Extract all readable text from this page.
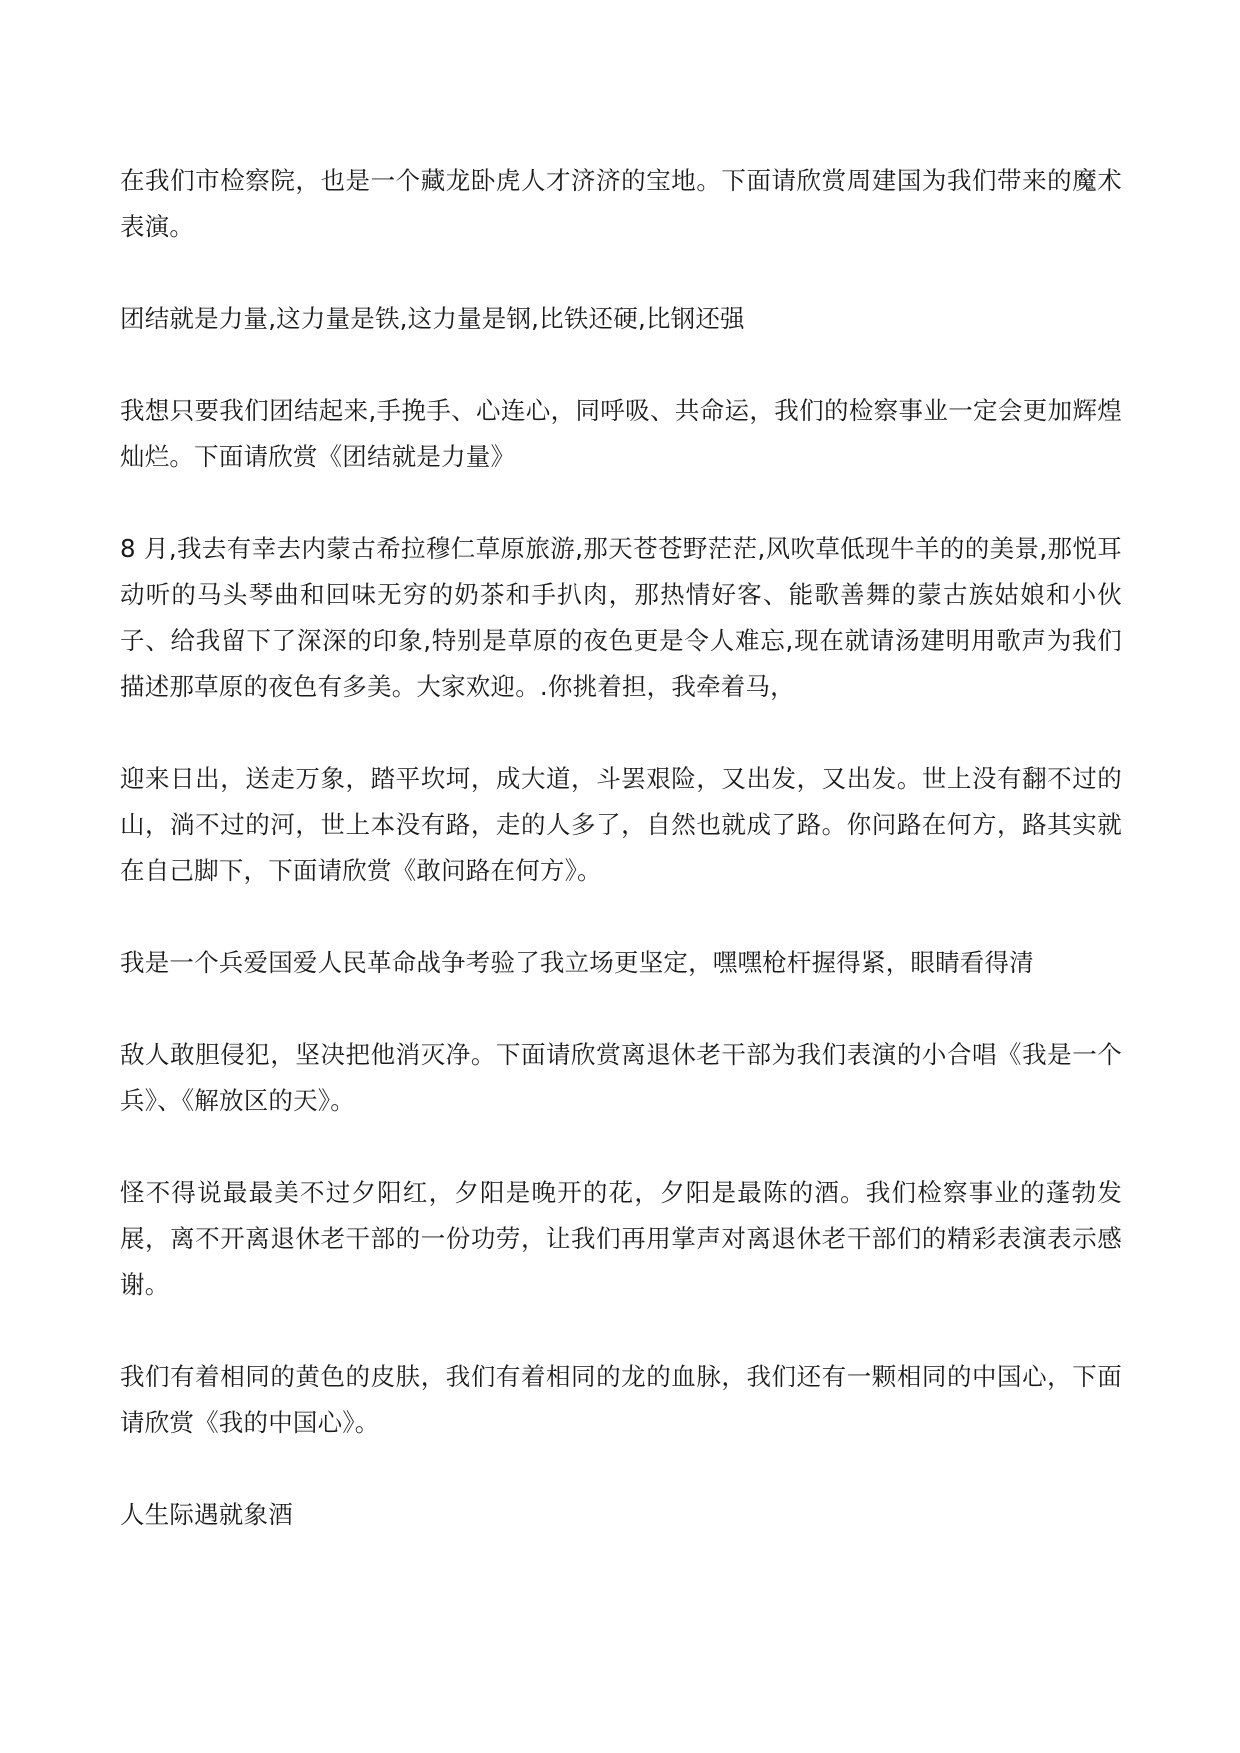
在我们市检察院，也是一个藏龙卧虎人才济济的宝地。下面请欣赏周建国为我们带来的魔术表演。

团结就是力量,这力量是铁,这力量是钢,比铁还硬,比钢还强

我想只要我们团结起来,手挽手、心连心，同呼吸、共命运，我们的检察事业一定会更加辉煌灿烂。下面请欣赏《团结就是力量》

8 月,我去有幸去内蒙古希拉穆仁草原旅游,那天苍苍野茫茫,风吹草低现牛羊的的美景,那悦耳动听的马头琴曲和回味无穷的奶茶和手扒肉，那热情好客、能歌善舞的蒙古族姑娘和小伙子、给我留下了深深的印象,特别是草原的夜色更是令人难忘,现在就请汤建明用歌声为我们描述那草原的夜色有多美。大家欢迎。.你挑着担，我牵着马，

迎来日出，送走万象，踏平坎坷，成大道，斗罢艰险，又出发，又出发。世上没有翻不过的山，淌不过的河，世上本没有路，走的人多了，自然也就成了路。你问路在何方，路其实就在自己脚下，下面请欣赏《敢问路在何方》。

我是一个兵爱国爱人民革命战争考验了我立场更坚定，嘿嘿枪杆握得紧，眼睛看得清

敌人敢胆侵犯，坚决把他消灭净。下面请欣赏离退休老干部为我们表演的小合唱《我是一个兵》、《解放区的天》。

怪不得说最最美不过夕阳红，夕阳是晚开的花，夕阳是最陈的酒。我们检察事业的蓬勃发展，离不开离退休老干部的一份功劳，让我们再用掌声对离退休老干部们的精彩表演表示感谢。

我们有着相同的黄色的皮肤，我们有着相同的龙的血脉，我们还有一颗相同的中国心，下面请欣赏《我的中国心》。

人生际遇就象酒
